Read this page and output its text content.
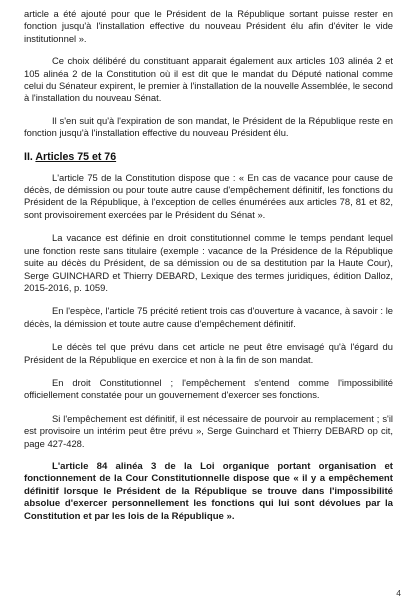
article a été ajouté pour que le Président de la République sortant puisse rester en fonction jusqu'à l'installation effective du nouveau Président élu afin d'éviter le vide institutionnel ».

Ce choix délibéré du constituant apparait également aux articles 103 alinéa 2 et 105 alinéa 2 de la Constitution où il est dit que le mandat du Député national comme celui du Sénateur expirent, le premier à l'installation de la nouvelle Assemblée, le second à l'installation du nouveau Sénat.

Il s'en suit qu'à l'expiration de son mandat, le Président de la République reste en fonction jusqu'à l'installation effective du nouveau Président élu.

II. Articles 75 et 76

L'article 75 de la Constitution dispose que : « En cas de vacance pour cause de décès, de démission ou pour toute autre cause d'empêchement définitif, les fonctions du Président de la République, à l'exception de celles énumérées aux articles 78, 81 et 82, sont provisoirement exercées par le Président du Sénat ».

La vacance est définie en droit constitutionnel comme le temps pendant lequel une fonction reste sans titulaire (exemple : vacance de la Présidence de la République suite au décès du Président, de sa démission ou de sa destitution par la Haute Cour), Serge GUINCHARD et Thierry DEBARD, Lexique des termes juridiques, édition Dalloz, 2015-2016, p. 1059.

En l'espèce, l'article 75 précité retient trois cas d'ouverture à vacance, à savoir : le décès, la démission et toute autre cause d'empêchement définitif.

Le décès tel que prévu dans cet article ne peut être envisagé qu'à l'égard du Président de la République en exercice et non à la fin de son mandat.

En droit Constitutionnel ; l'empêchement s'entend comme l'impossibilité officiellement constatée pour un gouvernement d'exercer ses fonctions.

Si l'empêchement est définitif, il est nécessaire de pourvoir au remplacement ; s'il est provisoire un intérim peut être prévu », Serge Guinchard et Thierry DEBARD op cit, page 427-428.

L'article 84 alinéa 3 de la Loi organique portant organisation et fonctionnement de la Cour Constitutionnelle dispose que « il y a empêchement définitif lorsque le Président de la République se trouve dans l'impossibilité absolue d'exercer personnellement les fonctions qui lui sont dévolues par la Constitution et par les lois de la République ».

4
